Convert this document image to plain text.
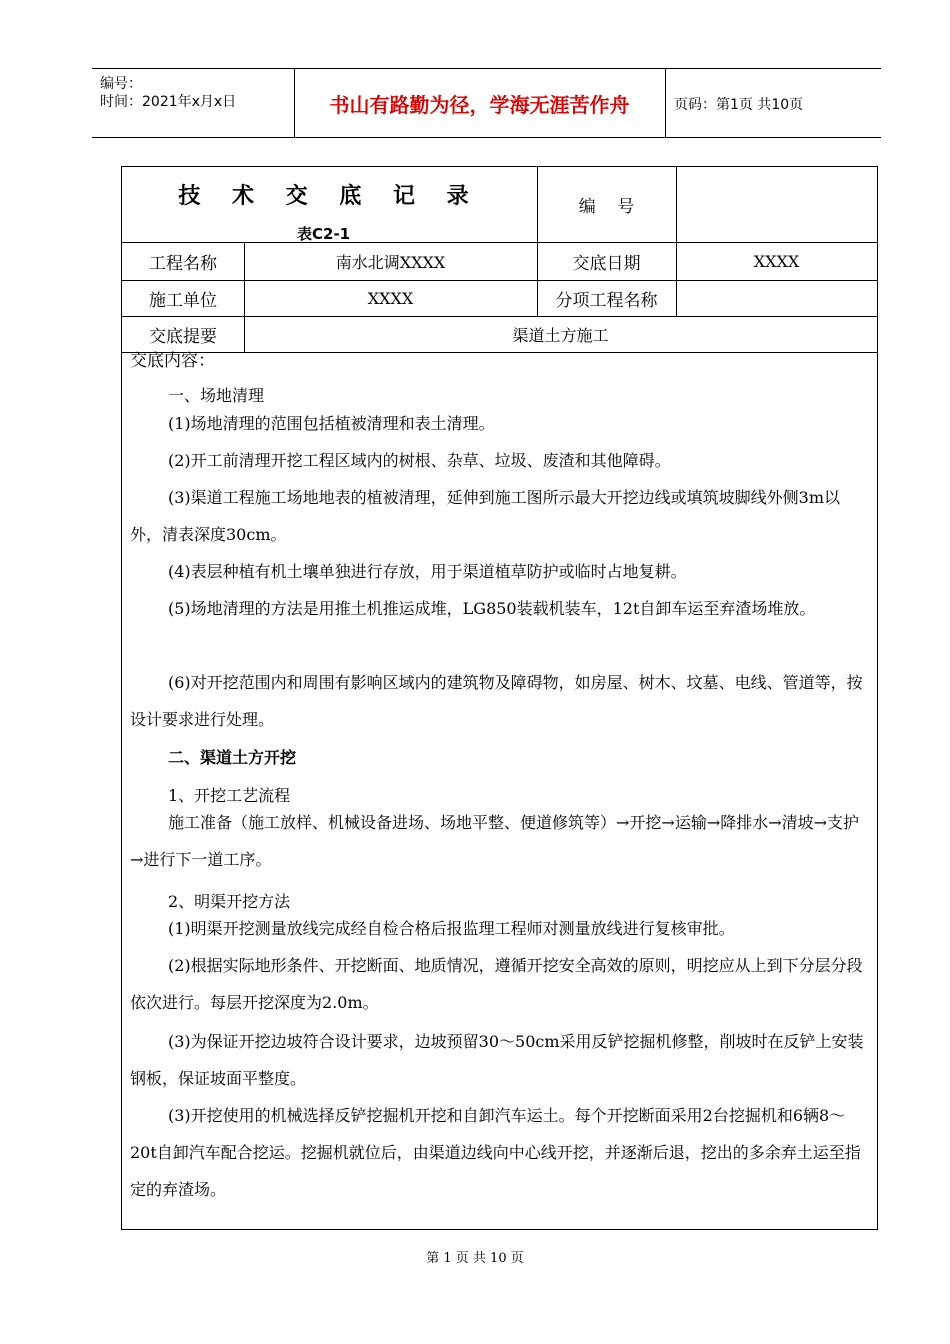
编号：
时间：2021年x月x日	书山有路勤为径，学海无涯苦作舟	页码：第1页 共10页
技 术 交 底 记 录
表C2-1
编    号
工程名称	南水北调XXXX	交底日期	XXXX
施工单位	XXXX	分项工程名称
交底提要	渠道土方施工

交底内容：

一、场地清理

(1)场地清理的范围包括植被清理和表土清理。

(2)开工前清理开挖工程区域内的树根、杂草、垃圾、废渣和其他障碍。

(3)渠道工程施工场地地表的植被清理，延伸到施工图所示最大开挖边线或填筑坡脚线外侧3m以外，清表深度30cm。

(4)表层种植有机土壤单独进行存放，用于渠道植草防护或临时占地复耕。

(5)场地清理的方法是用推土机推运成堆，LG850装载机装车，12t自卸车运至弃渣场堆放。

(6)对开挖范围内和周围有影响区域内的建筑物及障碍物，如房屋、树木、坟墓、电线、管道等，按设计要求进行处理。

二、渠道土方开挖

1、开挖工艺流程

施工准备（施工放样、机械设备进场、场地平整、便道修筑等）→开挖→运输→降排水→清坡→支护→进行下一道工序。

2、明渠开挖方法

(1)明渠开挖测量放线完成经自检合格后报监理工程师对测量放线进行复核审批。

(2)根据实际地形条件、开挖断面、地质情况，遵循开挖安全高效的原则，明挖应从上到下分层分段依次进行。每层开挖深度为2.0m。

(3)为保证开挖边坡符合设计要求，边坡预留30～50cm采用反铲挖掘机修整，削坡时在反铲上安装钢板，保证坡面平整度。

(3)开挖使用的机械选择反铲挖掘机开挖和自卸汽车运土。每个开挖断面采用2台挖掘机和6辆8～20t自卸汽车配合挖运。挖掘机就位后，由渠道边线向中心线开挖，并逐渐后退，挖出的多余弃土运至指定的弃渣场。

第 1 页 共 10 页
